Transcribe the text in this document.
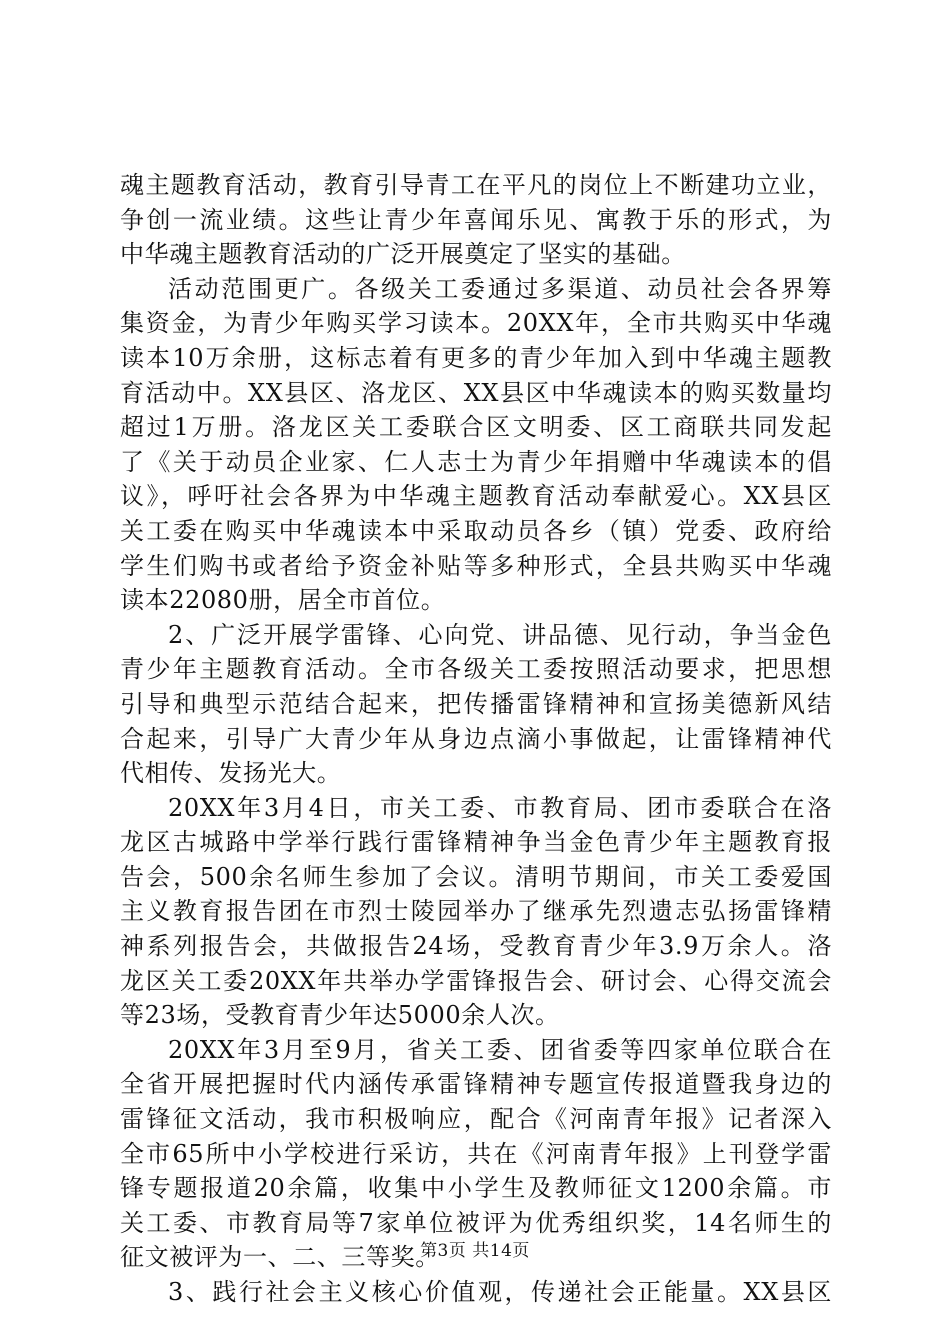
魂主题教育活动，教育引导青工在平凡的岗位上不断建功立业，
争创一流业绩。这些让青少年喜闻乐见、寓教于乐的形式，为
中华魂主题教育活动的广泛开展奠定了坚实的基础。
活动范围更广。各级关工委通过多渠道、动员社会各界筹
集资金，为青少年购买学习读本。20XX年，全市共购买中华魂
读本10万余册，这标志着有更多的青少年加入到中华魂主题教
育活动中。XX县区、洛龙区、XX县区中华魂读本的购买数量均
超过1万册。洛龙区关工委联合区文明委、区工商联共同发起
了《关于动员企业家、仁人志士为青少年捐赠中华魂读本的倡
议》，呼吁社会各界为中华魂主题教育活动奉献爱心。XX县区
关工委在购买中华魂读本中采取动员各乡（镇）党委、政府给
学生们购书或者给予资金补贴等多种形式，全县共购买中华魂
读本22080册，居全市首位。
2、广泛开展学雷锋、心向党、讲品德、见行动，争当金色
青少年主题教育活动。全市各级关工委按照活动要求，把思想
引导和典型示范结合起来，把传播雷锋精神和宣扬美德新风结
合起来，引导广大青少年从身边点滴小事做起，让雷锋精神代
代相传、发扬光大。
20XX年3月4日，市关工委、市教育局、团市委联合在洛
龙区古城路中学举行践行雷锋精神争当金色青少年主题教育报
告会，500余名师生参加了会议。清明节期间，市关工委爱国
主义教育报告团在市烈士陵园举办了继承先烈遗志弘扬雷锋精
神系列报告会，共做报告24场，受教育青少年3.9万余人。洛
龙区关工委20XX年共举办学雷锋报告会、研讨会、心得交流会
等23场，受教育青少年达5000余人次。
20XX年3月至9月，省关工委、团省委等四家单位联合在
全省开展把握时代内涵传承雷锋精神专题宣传报道暨我身边的
雷锋征文活动，我市积极响应，配合《河南青年报》记者深入
全市65所中小学校进行采访，共在《河南青年报》上刊登学雷
锋专题报道20余篇，收集中小学生及教师征文1200余篇。市
关工委、市教育局等7家单位被评为优秀组织奖，14名师生的
征文被评为一、二、三等奖。
3、践行社会主义核心价值观，传递社会正能量。XX县区
第3页 共14页
